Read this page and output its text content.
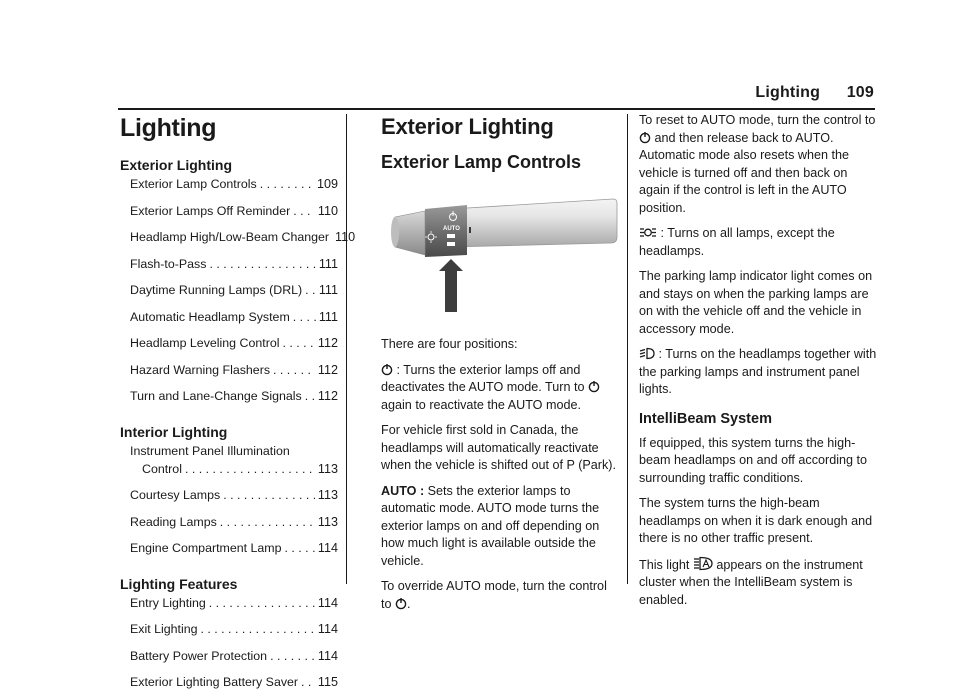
Lighting 109
Lighting
Exterior Lighting
Exterior Lamp Controls . . .	109
Exterior Lamps Off Reminder . . . 110
Headlamp High/Low-Beam Changer 110
Flash-to-Pass . . .	111
Daytime Running Lamps (DRL) . . . 111
Automatic Headlamp System . . . 111
Headlamp Leveling Control . . .	112
Hazard Warning Flashers . . .	112
Turn and Lane-Change Signals . . . 112
Interior Lighting
Instrument Panel Illumination
Control . . .	113
Courtesy Lamps . . .	113
Reading Lamps . . .	113
Engine Compartment Lamp . . .	114
Lighting Features
Entry Lighting . . .	114
Exit Lighting . . .	114
Battery Power Protection . . .	114
Exterior Lighting Battery Saver . . . 115
Exterior Lighting
Exterior Lamp Controls
AUTO

There are four positions:

: Turns the exterior lamps off and deactivates the AUTO mode. Turn to  again to reactivate the AUTO mode.

For vehicle first sold in Canada, the headlamps will automatically reactivate when the vehicle is shifted out of P (Park).

AUTO : Sets the exterior lamps to automatic mode. AUTO mode turns the exterior lamps on and off depending on how much light is available outside the vehicle.

To override AUTO mode, turn the control to .

To reset to AUTO mode, turn the control to  and then release back to AUTO. Automatic mode also resets when the vehicle is turned off and then back on again if the control is left in the AUTO position.

: Turns on all lamps, except the headlamps.

The parking lamp indicator light comes on and stays on when the parking lamps are on with the vehicle off and the vehicle in accessory mode.

: Turns on the headlamps together with the parking lamps and instrument panel lights.

IntelliBeam System

If equipped, this system turns the high-beam headlamps on and off according to surrounding traffic conditions.

The system turns the high-beam headlamps on when it is dark enough and there is no other traffic present.

This light  appears on the instrument cluster when the IntelliBeam system is enabled.
